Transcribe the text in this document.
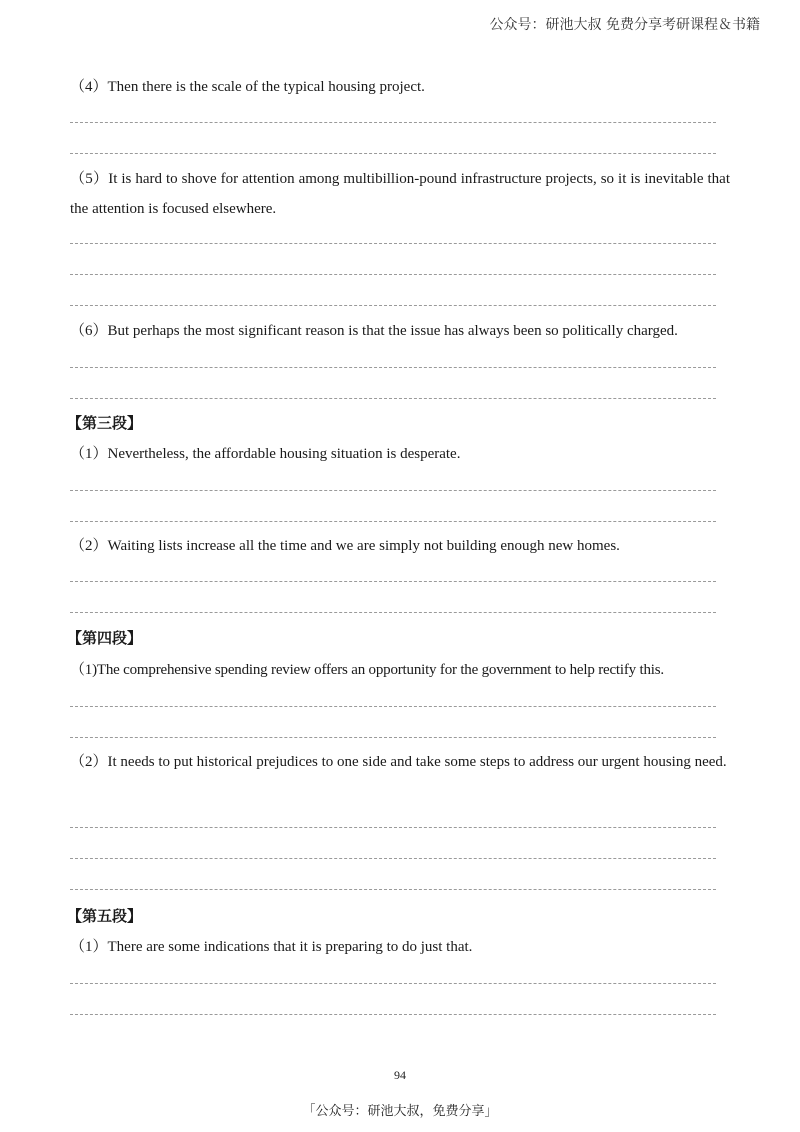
公众号：研池大叔 免费分享考研课程＆书籍
（4）Then there is the scale of the typical housing project.
（5）It is hard to shove for attention among multibillion-pound infrastructure projects, so it is inevitable that the attention is focused elsewhere.
（6）But perhaps the most significant reason is that the issue has always been so politically charged.
【第三段】
（1）Nevertheless, the affordable housing situation is desperate.
（2）Waiting lists increase all the time and we are simply not building enough new homes.
【第四段】
（1)The comprehensive spending review offers an opportunity for the government to help rectify this.
（2）It needs to put historical prejudices to one side and take some steps to address our urgent housing need.
【第五段】
（1）There are some indications that it is preparing to do just that.
94
「公众号：研池大叔，免费分享」
